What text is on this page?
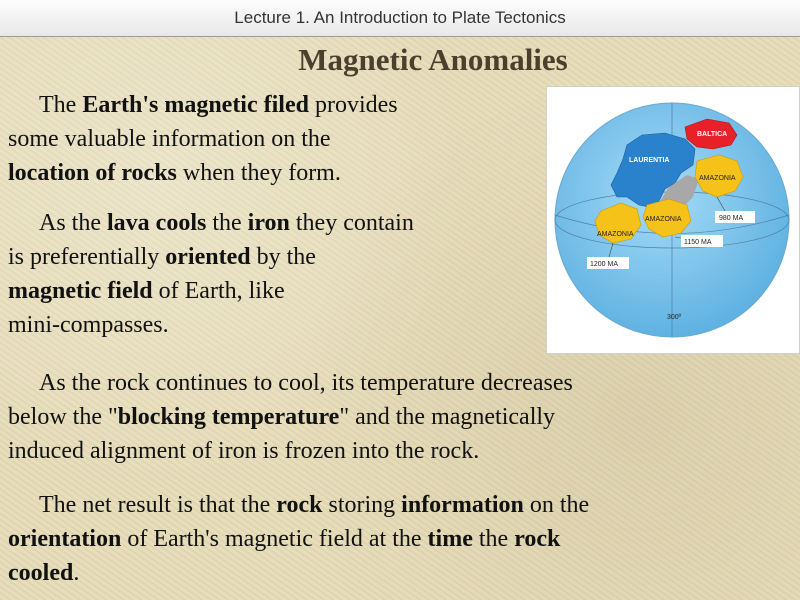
Lecture 1. An Introduction to Plate Tectonics
Magnetic Anomalies
The Earth's magnetic filed provides
some valuable information on the
location of rocks when they form.
As the lava cools the iron they contain
is preferentially oriented by the
magnetic field of Earth, like
mini-compasses.
As the rock continues to cool, its temperature decreases
below the "blocking temperature" and the magnetically
induced alignment of iron is frozen into the rock.
The net result is that the rock storing information on the
orientation of Earth's magnetic field at the time the rock
cooled.
BALTICA
LAURENTIA
AMAZONIA
AMAZONIA
AMAZONIA
980 MA
1150 MA
1200 MA
300º
